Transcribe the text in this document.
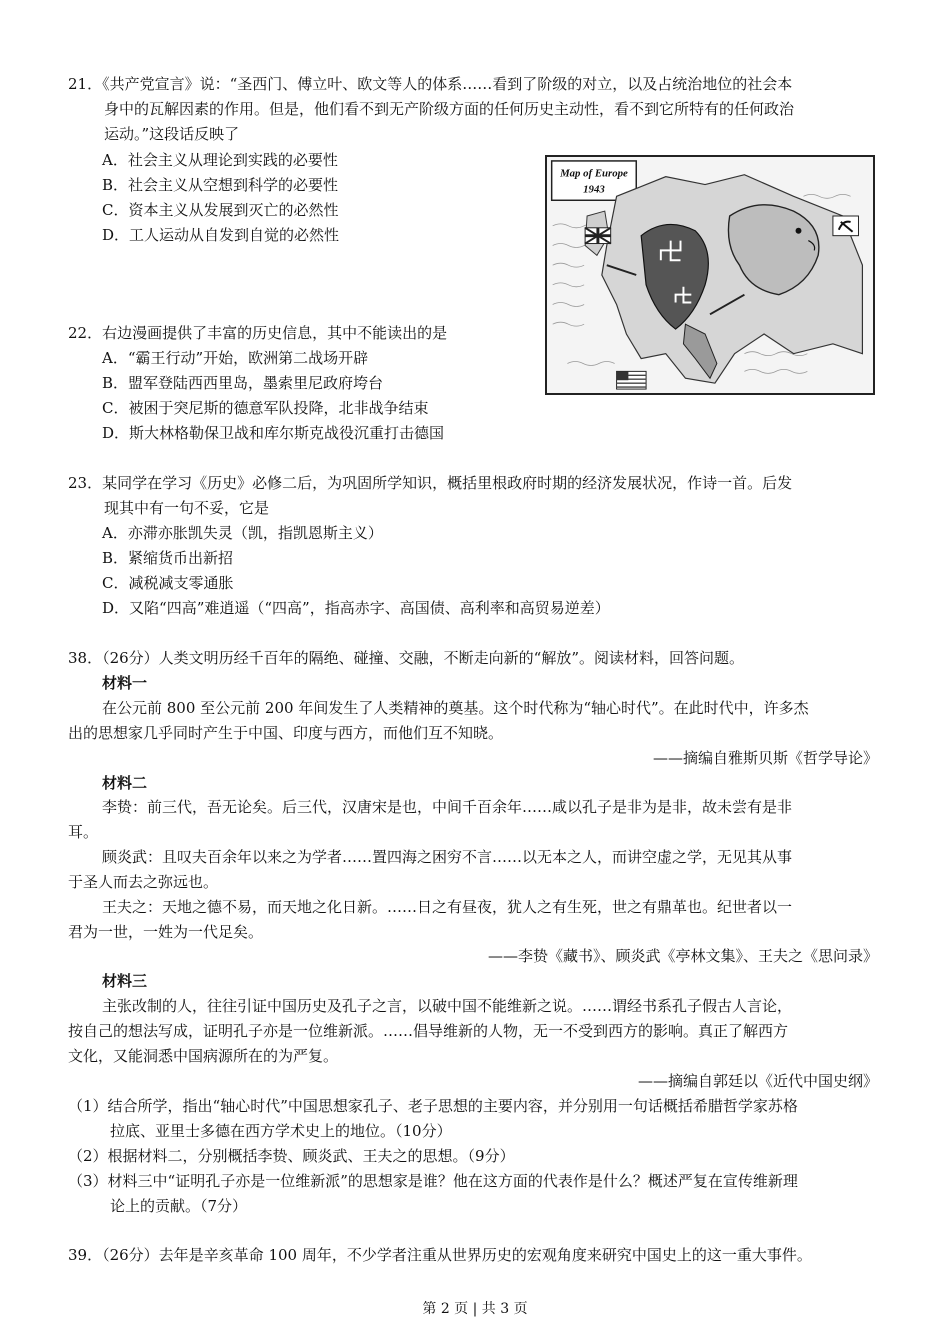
21．《共产党宣言》说：“圣西门、傅立叶、欧文等人的体系……看到了阶级的对立，以及占统治地位的社会本
身中的瓦解因素的作用。但是，他们看不到无产阶级方面的任何历史主动性，看不到它所特有的任何政治
运动。”这段话反映了
A．社会主义从理论到实践的必要性
B．社会主义从空想到科学的必要性
C．资本主义从发展到灭亡的必然性
D．工人运动从自发到自觉的必然性
Map of Europe
1943
22．右边漫画提供了丰富的历史信息，其中不能读出的是
A．“霸王行动”开始，欧洲第二战场开辟
B．盟军登陆西西里岛，墨索里尼政府垮台
C．被困于突尼斯的德意军队投降，北非战争结束
D．斯大林格勒保卫战和库尔斯克战役沉重打击德国
23．某同学在学习《历史》必修二后，为巩固所学知识，概括里根政府时期的经济发展状况，作诗一首。后发
现其中有一句不妥，它是
A．亦滞亦胀凯失灵（凯，指凯恩斯主义）
B．紧缩货币出新招
C．减税减支零通胀
D．又陷“四高”难逍遥（“四高”，指高赤字、高国债、高利率和高贸易逆差）
38．（26分）人类文明历经千百年的隔绝、碰撞、交融，不断走向新的“解放”。阅读材料，回答问题。
材料一
在公元前 800 至公元前 200 年间发生了人类精神的奠基。这个时代称为“轴心时代”。在此时代中，许多杰
出的思想家几乎同时产生于中国、印度与西方，而他们互不知晓。
——摘编自雅斯贝斯《哲学导论》
材料二
李贽：前三代，吾无论矣。后三代，汉唐宋是也，中间千百余年……咸以孔子是非为是非，故未尝有是非
耳。
顾炎武：且叹夫百余年以来之为学者……置四海之困穷不言……以无本之人，而讲空虚之学，无见其从事
于圣人而去之弥远也。
王夫之：天地之德不易，而天地之化日新。……日之有昼夜，犹人之有生死，世之有鼎革也。纪世者以一
君为一世，一姓为一代足矣。
——李贽《藏书》、顾炎武《亭林文集》、王夫之《思问录》
材料三
主张改制的人，往往引证中国历史及孔子之言，以破中国不能维新之说。……谓经书系孔子假古人言论，
按自己的想法写成，证明孔子亦是一位维新派。……倡导维新的人物，无一不受到西方的影响。真正了解西方
文化，又能洞悉中国病源所在的为严复。
——摘编自郭廷以《近代中国史纲》
（1）结合所学，指出“轴心时代”中国思想家孔子、老子思想的主要内容，并分别用一句话概括希腊哲学家苏格
拉底、亚里士多德在西方学术史上的地位。（10分）
（2）根据材料二，分别概括李贽、顾炎武、王夫之的思想。（9分）
（3）材料三中“证明孔子亦是一位维新派”的思想家是谁？他在这方面的代表作是什么？概述严复在宣传维新理
论上的贡献。（7分）
39．（26分）去年是辛亥革命 100 周年，不少学者注重从世界历史的宏观角度来研究中国史上的这一重大事件。
第 2 页 | 共 3 页
